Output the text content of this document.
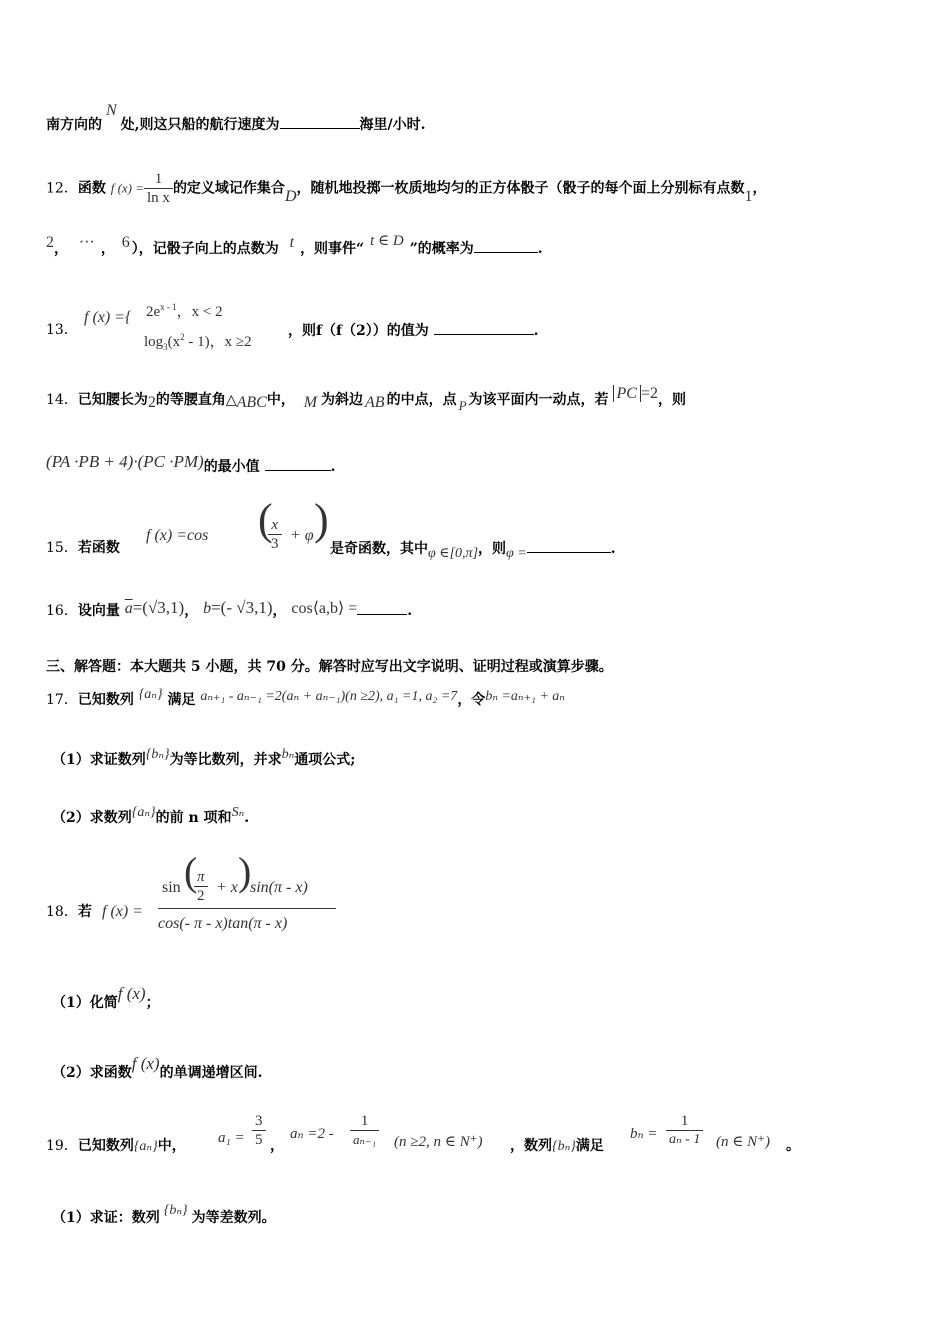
南方向的N处,则这只船的航行速度为	海里/小时.
12．函数 f $(x) = \frac{1}{\text{ln x}}$ 的定义域记作集合D，随机地投掷一枚质地均匀的正方体骰子（骰子的每个面上分别标有点数1，
2， ··· ， 6 ），记骰子向上的点数为 t ，则事件“ t ∈ D ”的概率为	.
13．
f (x) ={ $2e^{x - 1}$，x < 2
$\log_3(x^2 - 1)$，x ≥2
，则f（f（2））的值为	.
14．已知腰长为2的等腰直角△ABC中， M 为斜边 AB 的中点，点 P 为该平面内一动点，若 PC =2，则
(PA ·PB + 4)·(PC ·PM)的最小值	.
15．若函数
f (x) =cos (
$\frac{x}{3} + \varphi$ )
是奇函数，其中φ ∈[0,π]，则φ =	.
16．设向量 $\overline{a}=(√3,1)$， b=(- √3,1)， cos⟨a,b⟩ =	.
三、解答题：本大题共 5 小题，共 70 分。解答时应写出文字说明、证明过程或演算步骤。
17．已知数列 {aₙ} 满足 aₙ₊₁ - aₙ₋₁ =2(aₙ + aₙ₋₁)(n ≥2), a₁ =1, a₂ =7，令bₙ =aₙ₊₁ + aₙ
（1）求证数列{bₙ}为等比数列，并求bₙ通项公式;
（2）求数列{aₙ}的前 n 项和Sₙ.
18．若 f (x) =
sin (
$\frac{\pi}{2} + x$ )
sin(π - x)
cos(- π - x)tan(π - x)
（1）化简f (x)；
（2）求函数f (x)的单调递增区间.
19．已知数列{aₙ}中， $a_1 = \frac{3}{5}$ ，
$a_n =2 - \frac{1}{\text{aₙ₋₁}} (n \ge 2$, n ∈ N⁺) ，数列{bₙ}满足
$b_n = \frac{1}{\text{aₙ - 1}} (n$ ∈ N⁺) 。
（1）求证：数列 {bₙ} 为等差数列。
